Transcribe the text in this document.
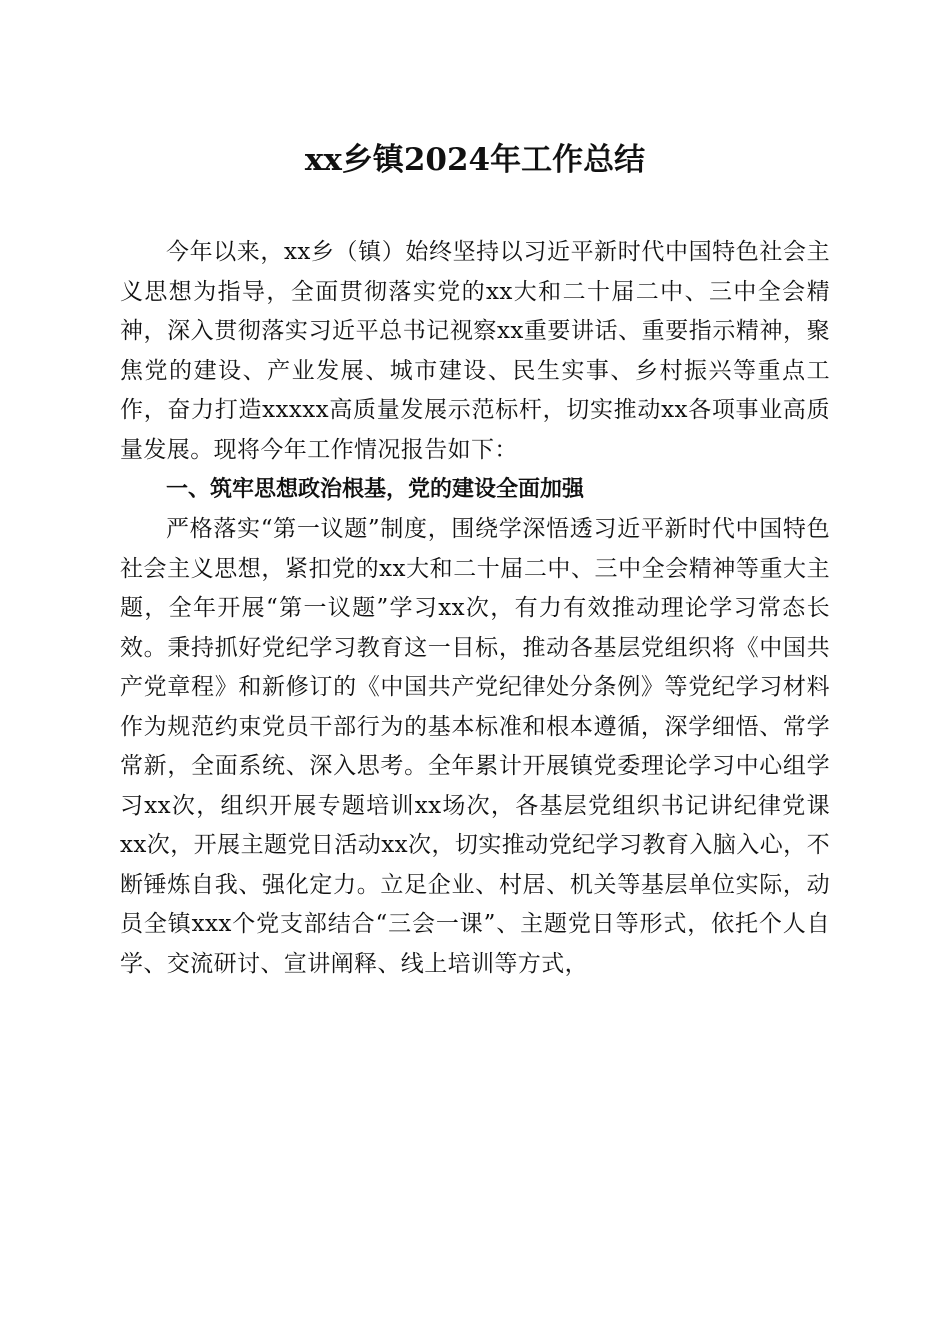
xx乡镇2024年工作总结

今年以来，xx乡（镇）始终坚持以习近平新时代中国特色社会主义思想为指导，全面贯彻落实党的xx大和二十届二中、三中全会精神，深入贯彻落实习近平总书记视察xx重要讲话、重要指示精神，聚焦党的建设、产业发展、城市建设、民生实事、乡村振兴等重点工作，奋力打造xxxxx高质量发展示范标杆，切实推动xx各项事业高质量发展。现将今年工作情况报告如下：

一、筑牢思想政治根基，党的建设全面加强

严格落实“第一议题”制度，围绕学深悟透习近平新时代中国特色社会主义思想，紧扣党的xx大和二十届二中、三中全会精神等重大主题，全年开展“第一议题”学习xx次，有力有效推动理论学习常态长效。秉持抓好党纪学习教育这一目标，推动各基层党组织将《中国共产党章程》和新修订的《中国共产党纪律处分条例》等党纪学习材料作为规范约束党员干部行为的基本标准和根本遵循，深学细悟、常学常新，全面系统、深入思考。全年累计开展镇党委理论学习中心组学习xx次，组织开展专题培训xx场次，各基层党组织书记讲纪律党课xx次，开展主题党日活动xx次，切实推动党纪学习教育入脑入心，不断锤炼自我、强化定力。立足企业、村居、机关等基层单位实际，动员全镇xxx个党支部结合“三会一课”、主题党日等形式，依托个人自学、交流研讨、宣讲阐释、线上培训等方式，
